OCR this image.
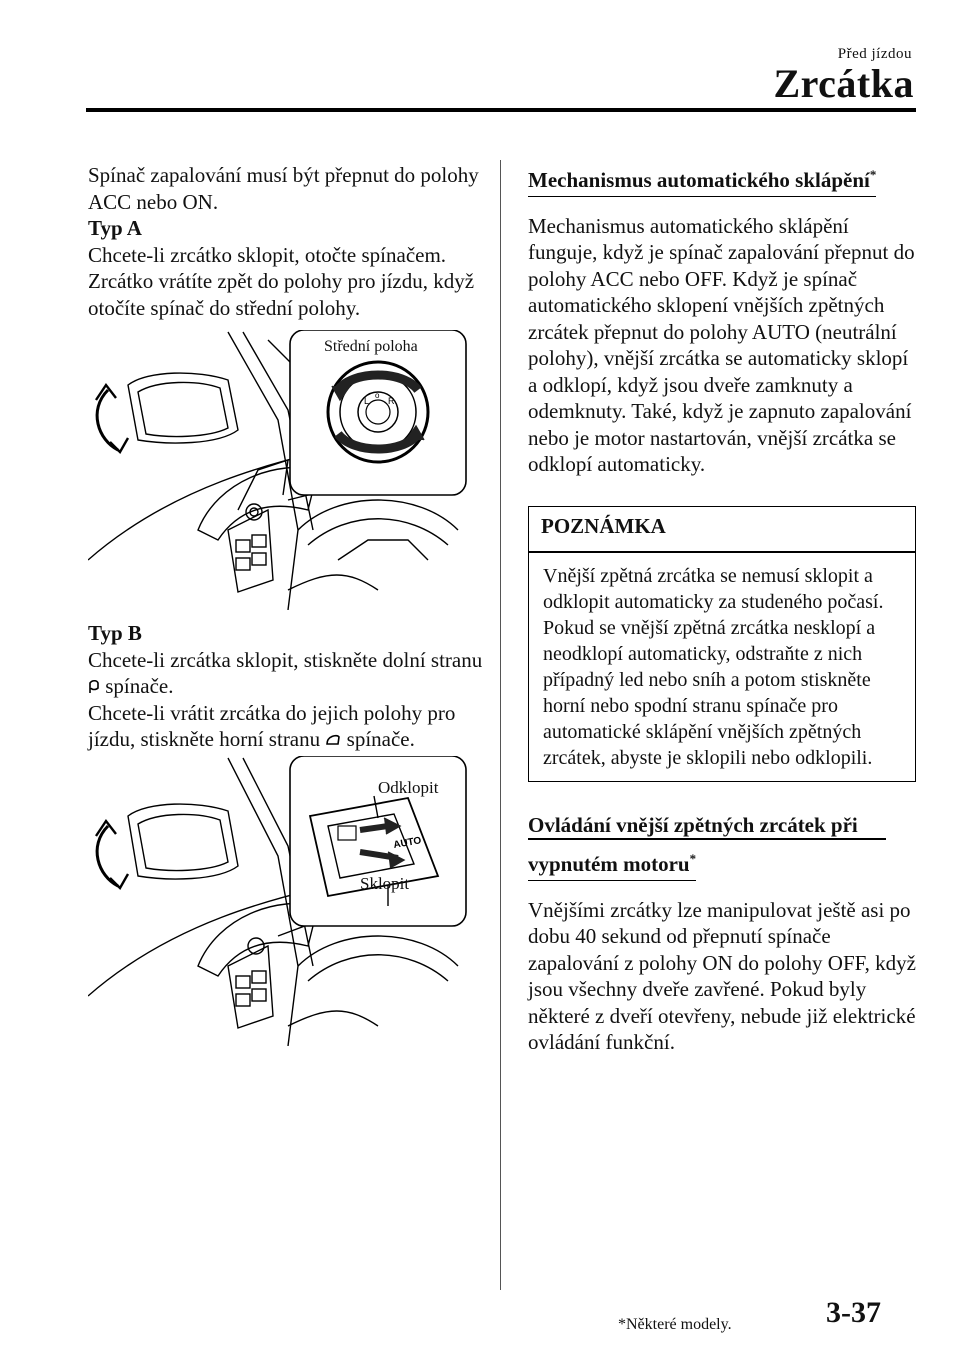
Před jízdou
Zrcátka

Spínač zapalování musí být přepnut do polohy ACC nebo ON.

Typ A

Chcete-li zrcátko sklopit, otočte spínačem. Zrcátko vrátíte zpět do polohy pro jízdu, když otočíte spínač do střední polohy.

L R
o
Střední poloha

Typ B

Chcete-li zrcátka sklopit, stiskněte dolní stranu  spínače.

Chcete-li vrátit zrcátka do jejich polohy pro jízdu, stiskněte horní stranu spínače.

AUTO
Odklopit
Sklopit
Mechanismus automatického sklápění*

Mechanismus automatického sklápění funguje, když je spínač zapalování přepnut do polohy ACC nebo OFF. Když je spínač automatického sklopení vnějších zpětných zrcátek přepnut do polohy AUTO (neutrální polohy), vnější zrcátka se automaticky sklopí a odklopí, když jsou dveře zamknuty a odemknuty. Také, když je zapnuto zapalování nebo je motor nastartován, vnější zrcátka se odklopí automaticky.

POZNÁMKA

Vnější zpětná zrcátka se nemusí sklopit a odklopit automaticky za studeného počasí.

Pokud se vnější zpětná zrcátka nesklopí a neodklopí automaticky, odstraňte z nich případný led nebo sníh a potom stiskněte horní nebo spodní stranu spínače pro automatické sklápění vnějších zpětných zrcátek, abyste je sklopili nebo odklopili.

Ovládání vnější zpětných zrcátek při
vypnutém motoru*

Vnějšími zrcátky lze manipulovat ještě asi po dobu 40 sekund od přepnutí spínače zapalování z polohy ON do polohy OFF, když jsou všechny dveře zavřené. Pokud byly některé z dveří otevřeny, nebude již elektrické ovládání funkční.

*Některé modely.	3-37
